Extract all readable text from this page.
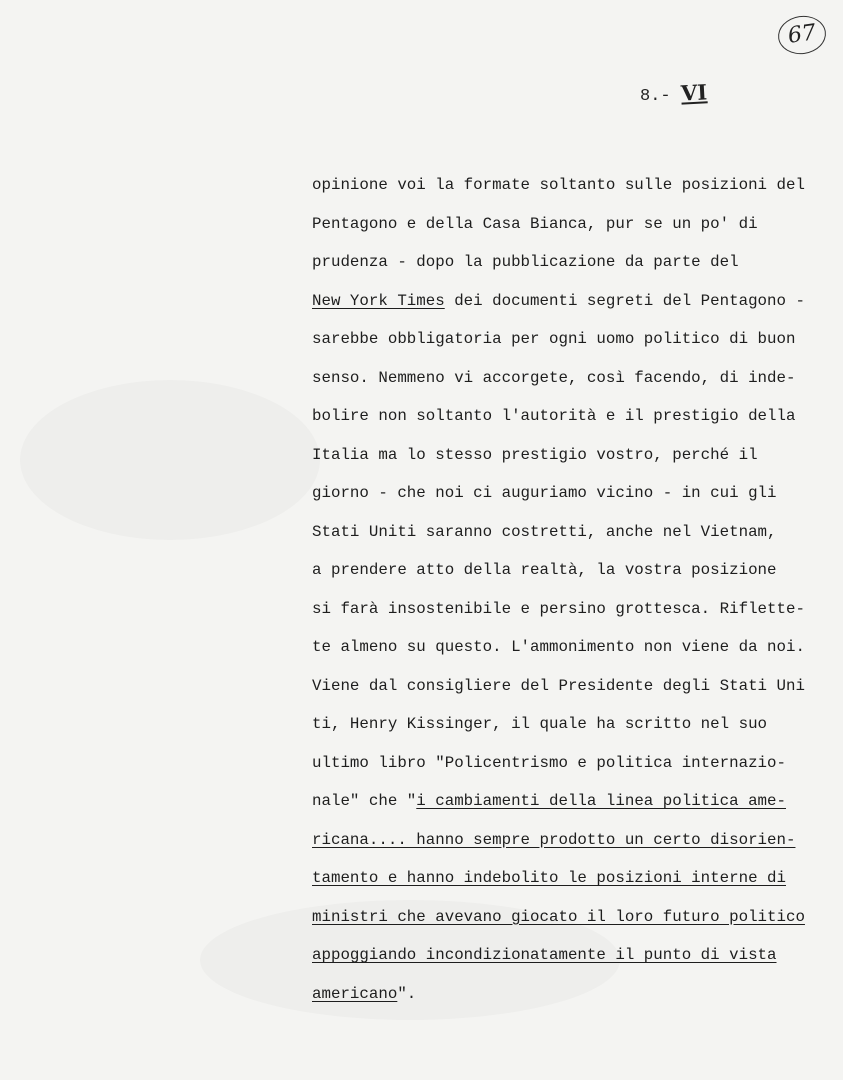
67
8.- VI
opinione voi la formate soltanto sulle posizioni del
Pentagono e della Casa Bianca, pur se un po' di
prudenza - dopo la pubblicazione da parte del
New York Times dei documenti segreti del Pentagono -
sarebbe obbligatoria per ogni uomo politico di buon
senso. Nemmeno vi accorgete, così facendo, di inde-
bolire non soltanto l'autorità e il prestigio della
Italia ma lo stesso prestigio vostro, perché il
giorno - che noi ci auguriamo vicino - in cui gli
Stati Uniti saranno costretti, anche nel Vietnam,
a prendere atto della realtà, la vostra posizione
si farà insostenibile e persino grottesca. Riflette-
te almeno su questo. L'ammonimento non viene da noi.
Viene dal consigliere del Presidente degli Stati Uni
ti, Henry Kissinger, il quale ha scritto nel suo
ultimo libro "Policentrismo e politica internazio-
nale" che "i cambiamenti della linea politica ame-
ricana.... hanno sempre prodotto un certo disorien-
tamento e hanno indebolito le posizioni interne di
ministri che avevano giocato il loro futuro politico
appoggiando incondizionatamente il punto di vista
americano".
